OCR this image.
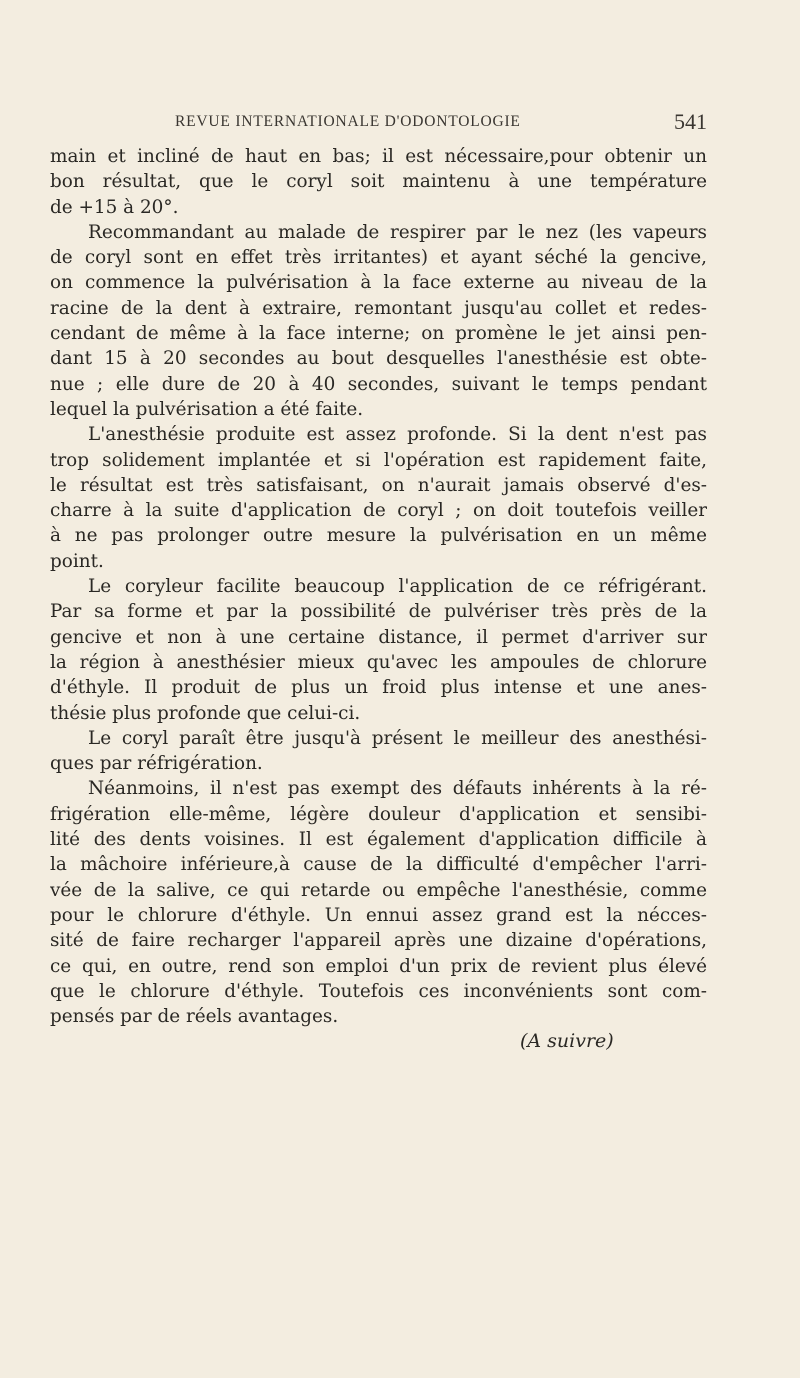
REVUE INTERNATIONALE D'ODONTOLOGIE	541
main et incliné de haut en bas; il est nécessaire,pour obtenir un
bon résultat, que le coryl soit maintenu à une température
de +15 à 20°.
Recommandant au malade de respirer par le nez (les vapeurs
de coryl sont en effet très irritantes) et ayant séché la gencive,
on commence la pulvérisation à la face externe au niveau de la
racine de la dent à extraire, remontant jusqu'au collet et redes-
cendant de même à la face interne; on promène le jet ainsi pen-
dant 15 à 20 secondes au bout desquelles l'anesthésie est obte-
nue ; elle dure de 20 à 40 secondes, suivant le temps pendant
lequel la pulvérisation a été faite.
L'anesthésie produite est assez profonde. Si la dent n'est pas
trop solidement implantée et si l'opération est rapidement faite,
le résultat est très satisfaisant, on n'aurait jamais observé d'es-
charre à la suite d'application de coryl ; on doit toutefois veiller
à ne pas prolonger outre mesure la pulvérisation en un même
point.
Le coryleur facilite beaucoup l'application de ce réfrigérant.
Par sa forme et par la possibilité de pulvériser très près de la
gencive et non à une certaine distance, il permet d'arriver sur
la région à anesthésier mieux qu'avec les ampoules de chlorure
d'éthyle. Il produit de plus un froid plus intense et une anes-
thésie plus profonde que celui-ci.
Le coryl paraît être jusqu'à présent le meilleur des anesthési-
ques par réfrigération.
Néanmoins, il n'est pas exempt des défauts inhérents à la ré-
frigération elle-même, légère douleur d'application et sensibi-
lité des dents voisines. Il est également d'application difficile à
la mâchoire inférieure,à cause de la difficulté d'empêcher l'arri-
vée de la salive, ce qui retarde ou empêche l'anesthésie, comme
pour le chlorure d'éthyle. Un ennui assez grand est la nécces-
sité de faire recharger l'appareil après une dizaine d'opérations,
ce qui, en outre, rend son emploi d'un prix de revient plus élevé
que le chlorure d'éthyle. Toutefois ces inconvénients sont com-
pensés par de réels avantages.
(A suivre)
